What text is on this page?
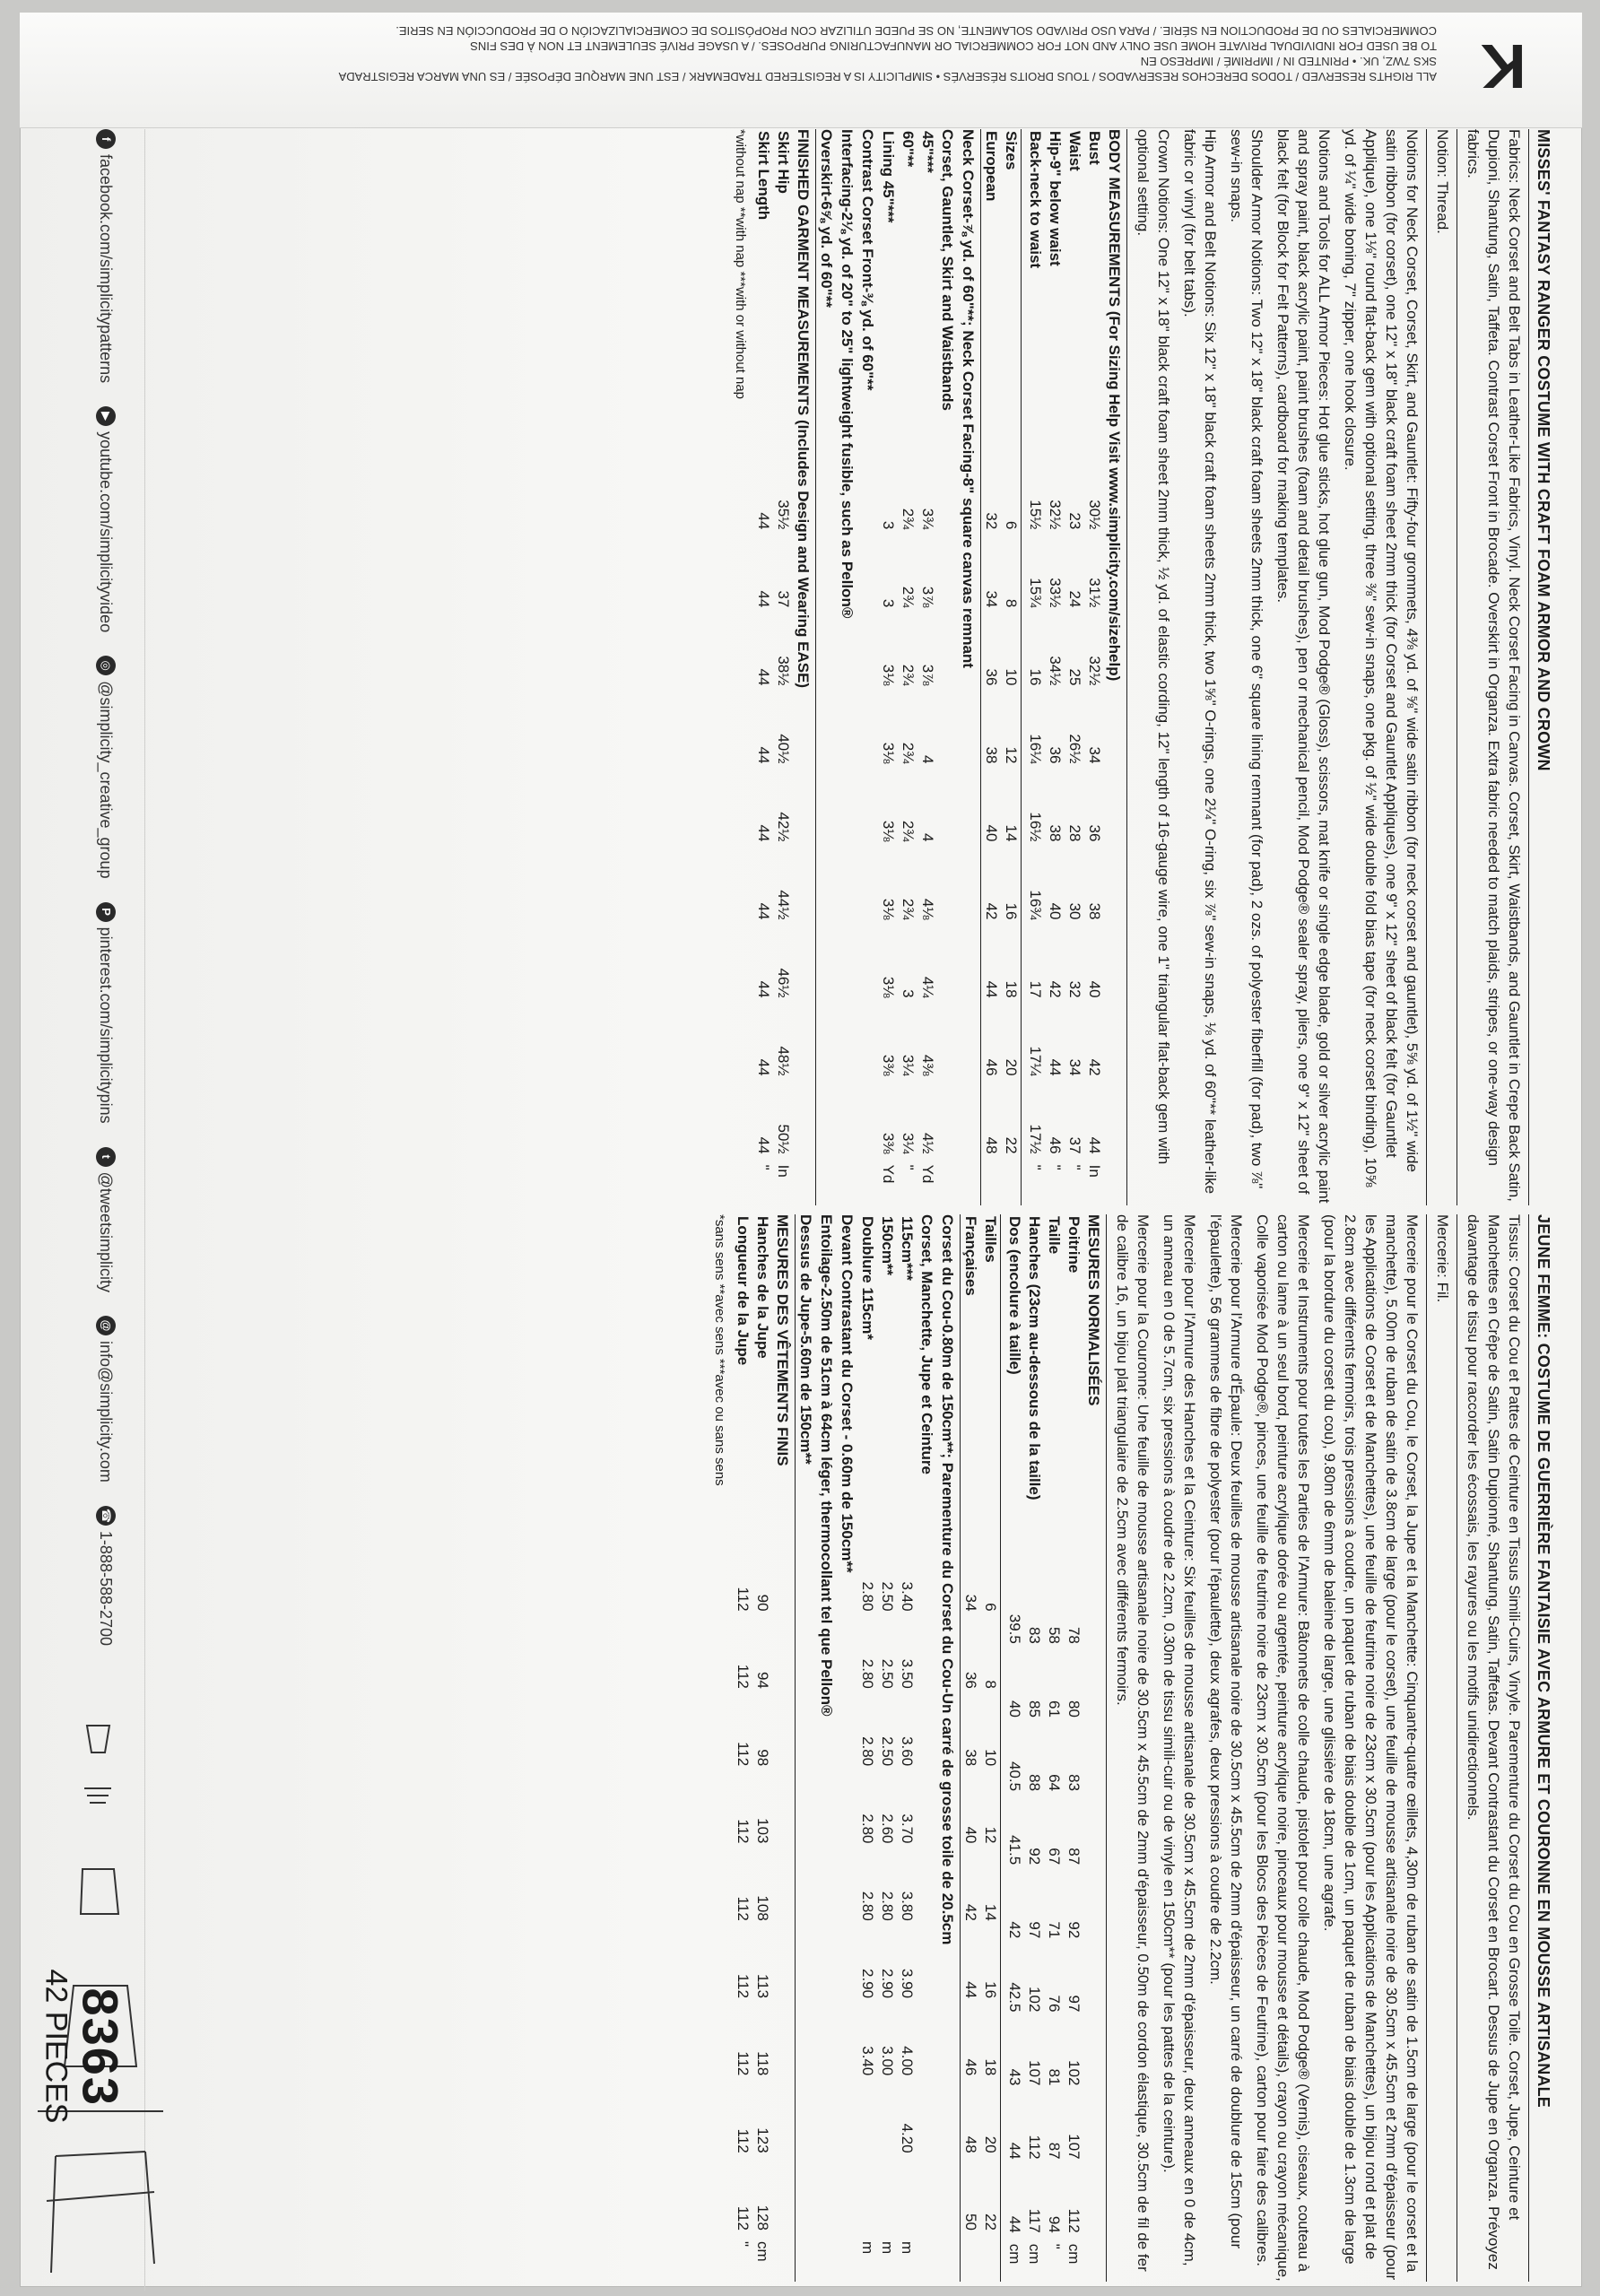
K
ALL RIGHTS RESERVED / TODOS DERECHOS RESERVADOS / TOUS DROITS RÉSERVÉS • SIMPLICITY IS A REGISTERED TRADEMARK / EST UNE MARQUE DÉPOSÉE / ES UNA MARCA REGISTRADA
SKS 7WZ, UK. • PRINTED IN / IMPRIMÉ / IMPRESO EN
TO BE USED FOR INDIVIDUAL PRIVATE HOME USE ONLY AND NOT FOR COMMERCIAL OR MANUFACTURING PURPOSES. / A USAGE PRIVÉ SEULEMENT ET NON À DES FINS
COMMERCIALES OU DE PRODUCTION EN SÉRIE. / PARA USO PRIVADO SOLAMENTE, NO SE PUEDE UTILIZAR CON PROPÓSITOS DE COMERCIALIZACIÓN O DE PRODUCCIÓN EN SERIE.
MISSES' FANTASY RANGER COSTUME WITH CRAFT FOAM ARMOR AND CROWN

Fabrics: Neck Corset and Belt Tabs in Leather-Like Fabrics, Vinyl. Neck Corset Facing in Canvas. Corset, Skirt, Waistbands, and Gauntlet in Crepe Back Satin, Dupioni, Shantung, Satin, Taffeta. Contrast Corset Front in Brocade. Overskirt in Organza. Extra fabric needed to match plaids, stripes, or one-way design fabrics.

Notion: Thread.

Notions for Neck Corset, Corset, Skirt, and Gauntlet: Fifty-four grommets, 4⅜ yd. of ⅝" wide satin ribbon (for neck corset and gauntlet), 5⅝ yd. of 1½" wide satin ribbon (for corset), one 12" x 18" black craft foam sheet 2mm thick (for Corset and Gauntlet Appliques), one 9" x 12" sheet of black felt (for Gauntlet Applique), one 1⅛" round flat-back gem with optional setting, three ⅜" sew-in snaps, one pkg. of ½" wide double fold bias tape (for neck corset binding), 10⅝ yd. of ¼" wide boning, 7" zipper, one hook closure.

Notions and Tools for ALL Armor Pieces: Hot glue sticks, hot glue gun, Mod Podge® (Gloss), scissors, mat knife or single edge blade, gold or silver acrylic paint and spray paint, black acrylic paint, paint brushes (foam and detail brushes), pen or mechanical pencil, Mod Podge® sealer spray, pliers, one 9" x 12" sheet of black felt (for Block for Felt Patterns), cardboard for making templates.

Shoulder Armor Notions: Two 12" x 18" black craft foam sheets 2mm thick, one 6" square lining remnant (for pad), 2 ozs. of polyester fiberfill (for pad), two ⅞" sew-in snaps.

Hip Armor and Belt Notions: Six 12" x 18" black craft foam sheets 2mm thick, two 1⅝" O-rings, one 2¼" O-ring, six ⅞" sew-in snaps, ⅛ yd. of 60"** leather-like fabric or vinyl (for belt tabs).

Crown Notions: One 12" x 18" black craft foam sheet 2mm thick, ½ yd. of elastic cording, 12" length of 16-gauge wire, one 1" triangular flat-back gem with optional setting.

BODY MEASUREMENTS (For Sizing Help Visit www.simplicity.com/sizehelp)
Bust	30½	31½	32½	34	36	38	40	42	44	In
Waist	23	24	25	26½	28	30	32	34	37	"
Hip-9" below waist	32½	33½	34½	36	38	40	42	44	46	"
Back-neck to waist	15½	15¾	16	16¼	16½	16¾	17	17¼	17½	"
Sizes	6	8	10	12	14	16	18	20	22	
European	32	34	36	38	40	42	44	46	48	
Neck Corset-⅞ yd. of 60"**; Neck Corset Facing-8" square canvas remnant
Corset, Gauntlet, Skirt and Waistbands
45"***	3¾	3⅞	3⅞	4	4	4⅛	4¼	4⅜	4½	Yd
60"**	2¾	2¾	2¾	2¾	2¾	2¾	3	3¼	3¼	"
Lining 45"***	3	3	3⅛	3⅛	3⅛	3⅛	3⅛	3⅜	3⅜	Yd
Contrast Corset Front-⅜ yd. of 60"**
Interfacing-2⅛ yd. of 20" to 25" lightweight fusible, such as Pellon®
Overskirt-6⅝ yd. of 60"**
FINISHED GARMENT MEASUREMENTS (Includes Design and Wearing EASE)
Skirt Hip	35½	37	38½	40½	42½	44½	46½	48½	50½	In
Skirt Length	44	44	44	44	44	44	44	44	44	"
*without nap **with nap ***with or without nap
JEUNE FEMME: COSTUME DE GUERRIÈRE FANTAISIE AVEC ARMURE ET COURONNE EN MOUSSE ARTISANALE

Tissus: Corset du Cou et Pattes de Ceinture en Tissus Simili-Cuirs, Vinyle. Parementure du Corset du Cou en Grosse Toile. Corset, Jupe, Ceinture et Manchettes en Crêpe de Satin, Satin Dupionné, Shantung, Satin, Taffetas. Devant Contrastant du Corset en Brocart. Dessus de Jupe en Organza. Prévoyez davantage de tissu pour raccorder les écossais, les rayures ou les motifs unidirectionnels.

Mercerie: Fil.

Mercerie pour le Corset du Cou, le Corset, la Jupe et la Manchette: Cinquante-quatre œillets, 4,30m de ruban de satin de 1.5cm de large (pour le corset et la manchette), 5.00m de ruban de satin de 3.8cm de large (pour le corset), une feuille de mousse artisanale noire de 30.5cm x 45.5cm et 2mm d'épaisseur (pour les Applications de Corset et de Manchettes), une feuille de feutrine noire de 23cm x 30.5cm (pour les Applications de Manchettes), un bijou rond et plat de 2.8cm avec différents fermoirs, trois pressions à coudre, un paquet de ruban de biais double de 1cm, un paquet de ruban de biais double de 1.3cm de large (pour la bordure du corset du cou), 9.80m de 6mm de baleine de large, une glissière de 18cm, une agrafe.

Mercerie et Instruments pour toutes les Parties de l'Armure: Bâtonnets de colle chaude, pistolet pour colle chaude, Mod Podge® (Vernis), ciseaux, couteau à carton ou lame à un seul bord, peinture acrylique dorée ou argentée, peinture acrylique noire, pinceaux pour mousse et détails), crayon ou crayon mécanique, Colle vaporisée Mod Podge®, pinces, une feuille de feutrine noire de 23cm x 30.5cm (pour les Blocs des Pièces de Feutrine), carton pour faire des calibres.

Mercerie pour l'Armure d'Épaule: Deux feuilles de mousse artisanale noire de 30.5cm x 45.5cm de 2mm d'épaisseur, un carré de doublure de 15cm (pour l'épaulette), 56 grammes de fibre de polyester (pour l'épaulette), deux agrafes, deux pressions à coudre de 2.2cm.

Mercerie pour l'Armure des Hanches et la Ceinture: Six feuilles de mousse artisanale de 30.5cm x 45.5cm de 2mm d'épaisseur, deux anneaux en 0 de 4cm, un anneau en 0 de 5.7cm, six pressions à coudre de 2.2cm, 0.30m de tissu simili-cuir ou de vinyle en 150cm** (pour les pattes de la ceinture).

Mercerie pour la Couronne: Une feuille de mousse artisanale noire de 30.5cm x 45.5cm de 2mm d'épaisseur, 0.50m de cordon élastique, 30.5cm de fil de fer de calibre 16, un bijou plat triangulaire de 2.5cm avec différents fermoirs.

MESURES NORMALISÉES
Poitrine	78	80	83	87	92	97	102	107	112	cm
Taille	58	61	64	67	71	76	81	87	94	"
Hanches (23cm au-dessous de la taille)	83	85	88	92	97	102	107	112	117	cm
Dos (encolure à taille)	39.5	40	40.5	41.5	42	42.5	43	44	44	cm
Tailles	6	8	10	12	14	16	18	20	22	
Françaises	34	36	38	40	42	44	46	48	50	
Corset du Cou-0.80m de 150cm**; Parementure du Corset du Cou-Un carré de grosse toile de 20.5cm
Corset, Manchette, Jupe et Ceinture
115cm***	3.40	3.50	3.60	3.70	3.80	3.90	4.00	4.20		m
150cm**	2.50	2.50	2.50	2.60	2.80	2.90	3.00			m
Doublure 115cm*	2.80	2.80	2.80	2.80	2.80	2.90	3.40			m
Devant Contrastant du Corset - 0.60m de 150cm**
Entoilage-2.50m de 51cm à 64cm léger, thermocollant tel que Pellon®
Dessus de Jupe-5.60m de 150cm**
MESURES DES VÊTEMENTS FINIS
Hanches de la Jupe	90	94	98	103	108	113	118	123	128	cm
Longueur de la Jupe	112	112	112	112	112	112	112	112	112	"
*sans sens **avec sens ***avec ou sans sens
f
facebook.com/simplicitypatterns
▶
youtube.com/simplicityvideo
◎
@simplicity_creative_group
P
pinterest.com/simplicitypins
t
@tweetsimplicity
@
info@simplicity.com
☎
1-888-588-2700
8363
42 PIECES
